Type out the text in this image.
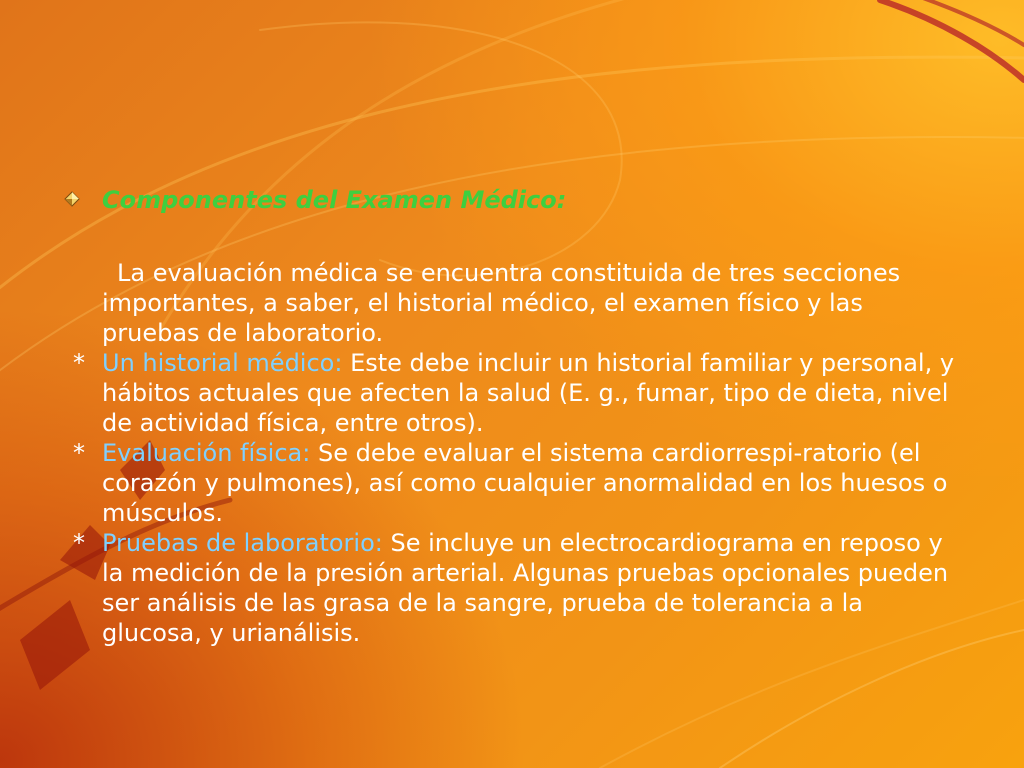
Componentes del Examen Médico:
La evaluación médica se encuentra constituida de tres secciones importantes, a saber, el historial médico, el examen físico y las pruebas de laboratorio.
* Un historial médico: Este debe incluir un historial familiar y personal, y hábitos actuales que afecten la salud (E. g., fumar, tipo de dieta, nivel de actividad física, entre otros).
* Evaluación física: Se debe evaluar el sistema cardiorrespi-ratorio (el corazón y pulmones), así como cualquier anormalidad en los huesos o músculos.
* Pruebas de laboratorio: Se incluye un electrocardiograma en reposo y la medición de la presión arterial. Algunas pruebas opcionales pueden ser análisis de las grasa de la sangre, prueba de tolerancia a la glucosa, y urianálisis.
